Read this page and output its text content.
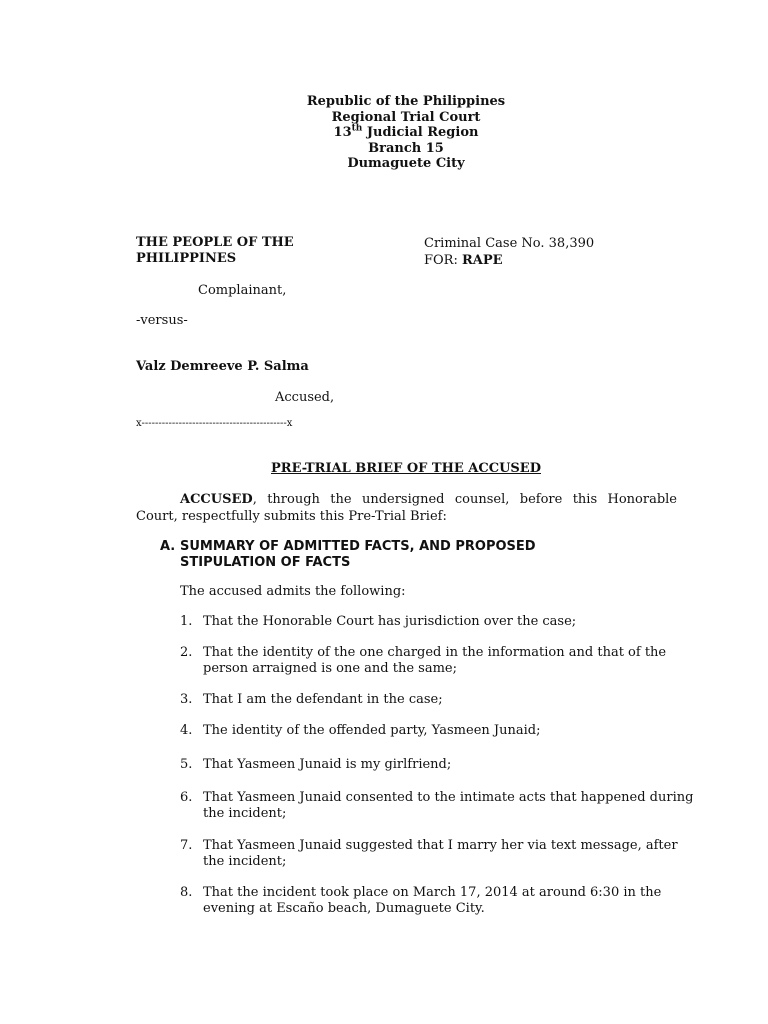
Republic of the Philippines
Regional Trial Court
13th Judicial Region
Branch 15
Dumaguete City
THE PEOPLE OF THE
PHILIPPINES
Criminal Case No. 38,390
FOR: RAPE
Complainant,
-versus-
Valz Demreeve P. Salma
Accused,
x-------------------------------------------x
PRE-TRIAL BRIEF OF THE ACCUSED
ACCUSED, through the undersigned counsel, before this Honorable Court, respectfully submits this Pre-Trial Brief:
A. SUMMARY OF ADMITTED FACTS, AND PROPOSED
STIPULATION OF FACTS
The accused admits the following:
1. That the Honorable Court has jurisdiction over the case;
2. That the identity of the one charged in the information and that of the person arraigned is one and the same;
3. That I am the defendant in the case;
4. The identity of the offended party, Yasmeen Junaid;
5. That Yasmeen Junaid is my girlfriend;
6. That Yasmeen Junaid consented to the intimate acts that happened during the incident;
7. That Yasmeen Junaid suggested that I marry her via text message, after the incident;
8. That the incident took place on March 17, 2014 at around 6:30 in the evening at Escaño beach, Dumaguete City.
